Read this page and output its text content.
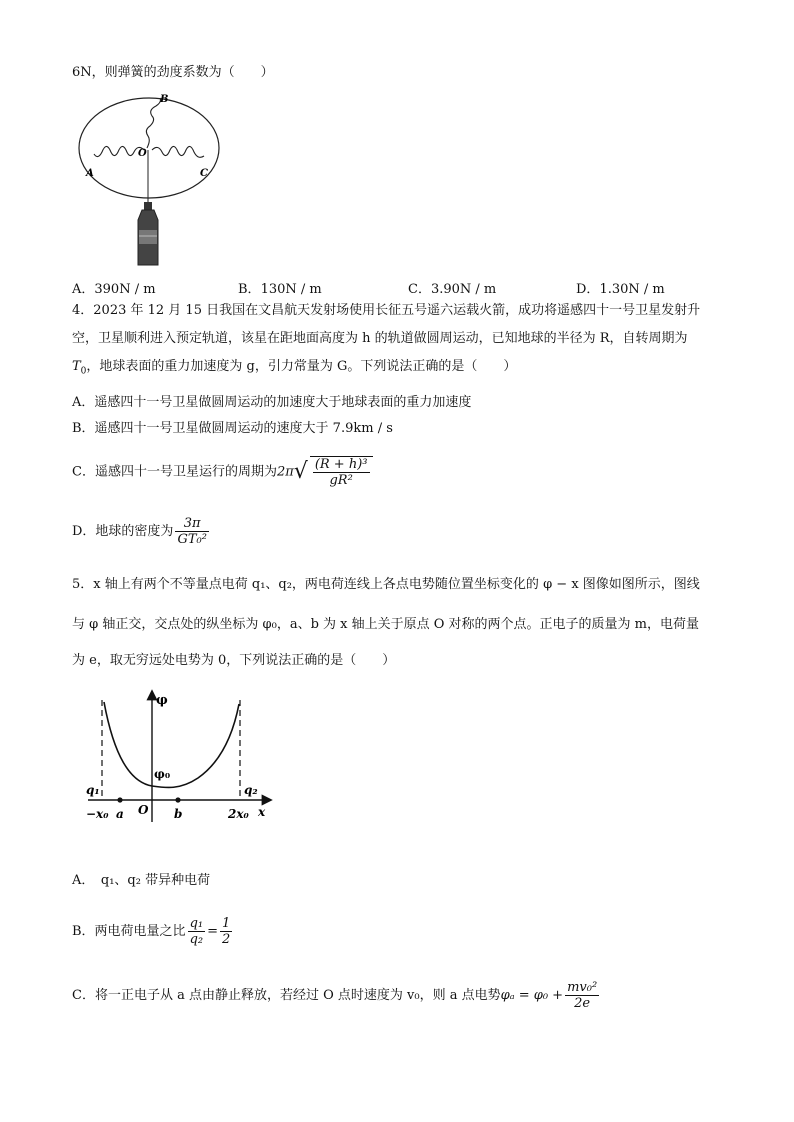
6N，则弹簧的劲度系数为（　　）
A
B
C
O
A．390N / m	B．130N / m	C．3.90N / m	D．1.30N / m
4．2023 年 12 月 15 日我国在文昌航天发射场使用长征五号遥六运载火箭，成功将遥感四十一号卫星发射升
空，卫星顺利进入预定轨道，该星在距地面高度为 h 的轨道做圆周运动，已知地球的半径为 R，自转周期为
$T_0$，地球表面的重力加速度为 g，引力常量为 G。下列说法正确的是（　　）
A．遥感四十一号卫星做圆周运动的加速度大于地球表面的重力加速度
B．遥感四十一号卫星做圆周运动的速度大于 7.9km / s
C．遥感四十一号卫星运行的周期为$2\pi√ \frac{\text{(R + h)³}}{\text{gR²}}$
D．地球的密度为 $\frac{3\pi}{\text{GT₀²}}$
5．x 轴上有两个不等量点电荷 q₁、q₂，两电荷连线上各点电势随位置坐标变化的 φ − x 图像如图所示，图线
与 φ 轴正交，交点处的纵坐标为 φ₀，a、b 为 x 轴上关于原点 O 对称的两个点。正电子的质量为 m，电荷量
为 e，取无穷远处电势为 0，下列说法正确的是（　　）
φ
φ₀
q₁	q₂
−x₀ a O b	2x₀ x
A．　q₁、q₂ 带异种电荷
B．两电荷电量之比 $\frac{\text{q₁}}{\text{q₂}} = \frac{1}{2}$
C．将一正电子从 a 点由静止释放，若经过 O 点时速度为 v₀，则 a 点电势$\varphi_a = \varphi_0 + \frac{\text{mv₀²}}{2e}$
